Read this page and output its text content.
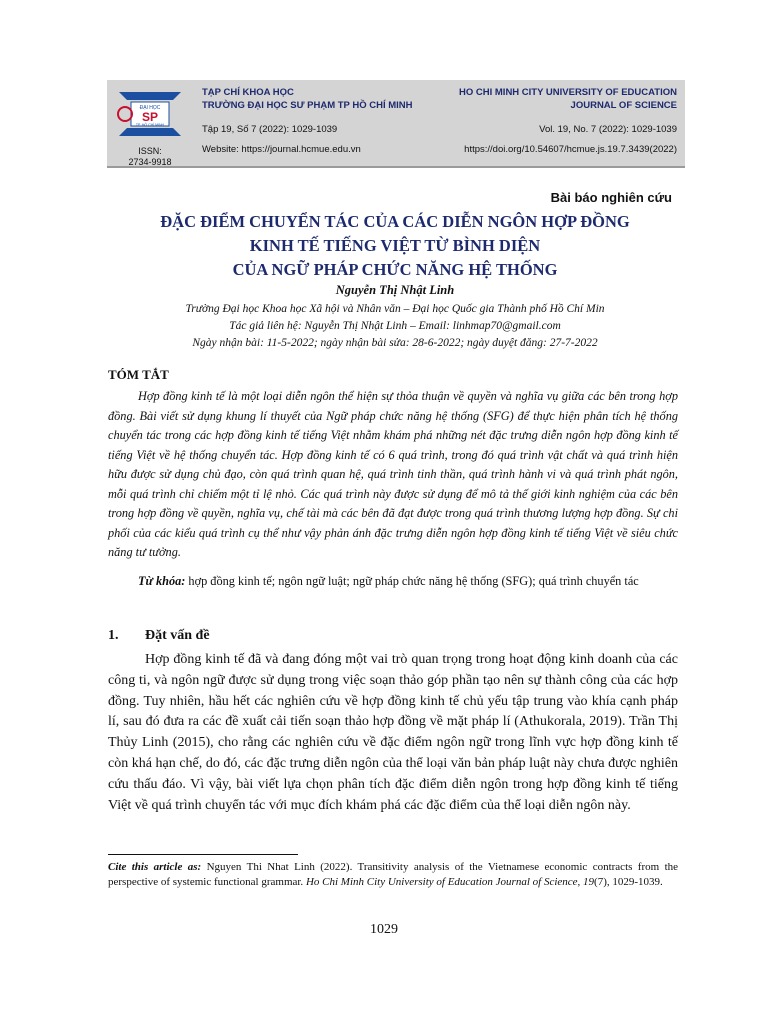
ĐẠI HỌC
SP
TP. HỒ CHÍ MINH
ISSN:
2734-9918
TẠP CHÍ KHOA HỌC
TRƯỜNG ĐẠI HỌC SƯ PHẠM TP HỒ CHÍ MINH
Tập 19, Số 7 (2022): 1029-1039
Website: https://journal.hcmue.edu.vn
HO CHI MINH CITY UNIVERSITY OF EDUCATION
JOURNAL OF SCIENCE
Vol. 19, No. 7 (2022): 1029-1039
https://doi.org/10.54607/hcmue.js.19.7.3439(2022)
Bài báo nghiên cứu
ĐẶC ĐIỂM CHUYỂN TÁC CỦA CÁC DIỄN NGÔN HỢP ĐỒNG
KINH TẾ TIẾNG VIỆT TỪ BÌNH DIỆN
CỦA NGỮ PHÁP CHỨC NĂNG HỆ THỐNG
Nguyễn Thị Nhật Linh
Trường Đại học Khoa học Xã hội và Nhân văn – Đại học Quốc gia Thành phố Hồ Chí Min
Tác giả liên hệ: Nguyễn Thị Nhật Linh – Email: linhmap70@gmail.com
Ngày nhận bài: 11-5-2022; ngày nhận bài sửa: 28-6-2022; ngày duyệt đăng: 27-7-2022
TÓM TẮT
Hợp đồng kinh tế là một loại diễn ngôn thể hiện sự thỏa thuận về quyền và nghĩa vụ giữa các bên trong hợp đồng. Bài viết sử dụng khung lí thuyết của Ngữ pháp chức năng hệ thống (SFG) để thực hiện phân tích hệ thống chuyển tác trong các hợp đồng kinh tế tiếng Việt nhằm khám phá những nét đặc trưng diễn ngôn hợp đồng kinh tế tiếng Việt về hệ thống chuyển tác. Hợp đồng kinh tế có 6 quá trình, trong đó quá trình vật chất và quá trình hiện hữu được sử dụng chủ đạo, còn quá trình quan hệ, quá trình tinh thần, quá trình hành vi và quá trình phát ngôn, mỗi quá trình chỉ chiếm một tỉ lệ nhỏ. Các quá trình này được sử dụng để mô tả thế giới kinh nghiệm của các bên trong hợp đồng về quyền, nghĩa vụ, chế tài mà các bên đã đạt được trong quá trình thương lượng hợp đồng. Sự chi phối của các kiểu quá trình cụ thể như vậy phản ánh đặc trưng diễn ngôn hợp đồng kinh tế tiếng Việt về siêu chức năng tư tưởng.
Từ khóa: hợp đồng kinh tế; ngôn ngữ luật; ngữ pháp chức năng hệ thống (SFG); quá trình chuyển tác
1. Đặt vấn đề
Hợp đồng kinh tế đã và đang đóng một vai trò quan trọng trong hoạt động kinh doanh của các công ti, và ngôn ngữ được sử dụng trong việc soạn thảo góp phần tạo nên sự thành công của các hợp đồng. Tuy nhiên, hầu hết các nghiên cứu về hợp đồng kinh tế chủ yếu tập trung vào khía cạnh pháp lí, sau đó đưa ra các đề xuất cải tiến soạn thảo hợp đồng về mặt pháp lí (Athukorala, 2019). Trần Thị Thủy Linh (2015), cho rằng các nghiên cứu về đặc điểm ngôn ngữ trong lĩnh vực hợp đồng kinh tế còn khá hạn chế, do đó, các đặc trưng diễn ngôn của thể loại văn bản pháp luật này chưa được nghiên cứu thấu đáo. Vì vậy, bài viết lựa chọn phân tích đặc điểm diễn ngôn trong hợp đồng kinh tế tiếng Việt về quá trình chuyển tác với mục đích khám phá các đặc điểm của thể loại diễn ngôn này.
Cite this article as: Nguyen Thi Nhat Linh (2022). Transitivity analysis of the Vietnamese economic contracts from the perspective of systemic functional grammar. Ho Chi Minh City University of Education Journal of Science, 19(7), 1029-1039.
1029
